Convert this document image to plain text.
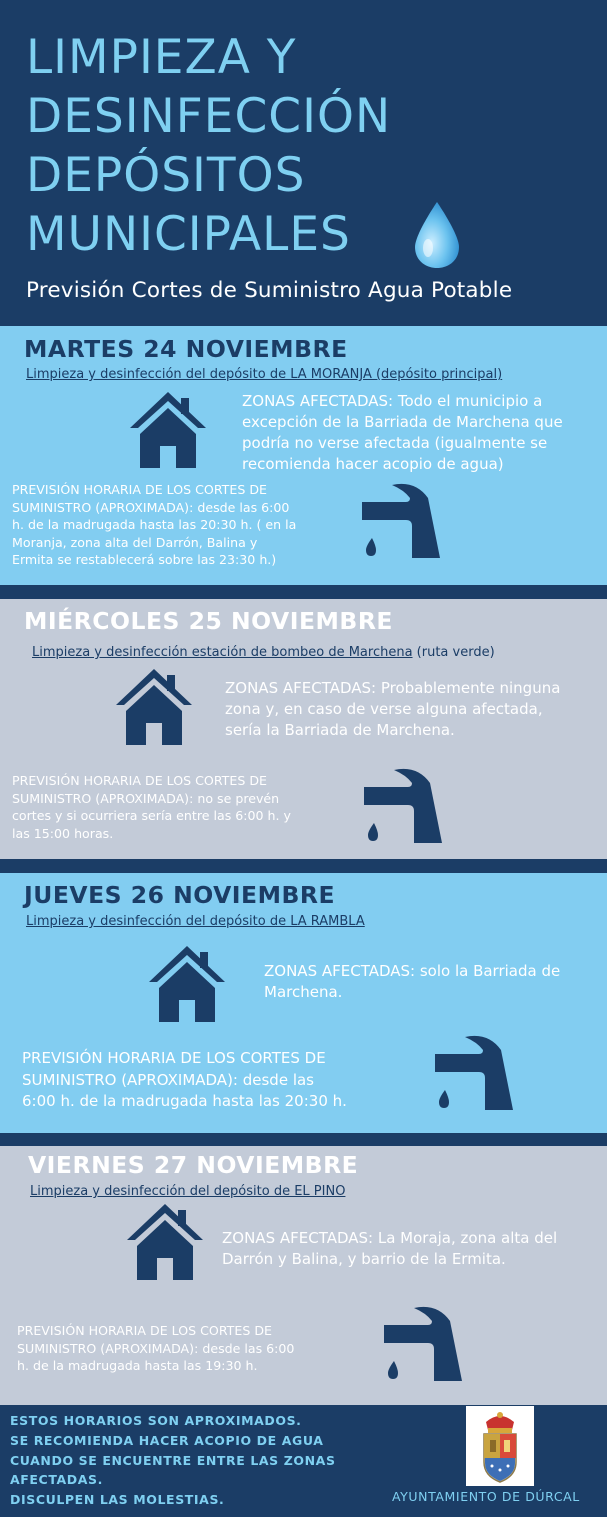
LIMPIEZA Y
DESINFECCIÓN
DEPÓSITOS
MUNICIPALES
Previsión Cortes de Suministro Agua Potable
MARTES 24 NOVIEMBRE
Limpieza y desinfección del depósito de LA MORANJA (depósito principal)
ZONAS AFECTADAS: Todo el municipio a
excepción de la Barriada de Marchena que
podría no verse afectada (igualmente se
recomienda hacer acopio de agua)
PREVISIÓN HORARIA DE LOS CORTES DE
SUMINISTRO (APROXIMADA): desde las 6:00
h. de la madrugada hasta las 20:30 h. ( en la
Moranja, zona alta del Darrón, Balina y
Ermita se restablecerá sobre las 23:30 h.)
MIÉRCOLES 25 NOVIEMBRE
Limpieza y desinfección estación de bombeo de Marchena (ruta verde)
ZONAS AFECTADAS: Probablemente ninguna
zona y, en caso de verse alguna afectada,
sería la Barriada de Marchena.
PREVISIÓN HORARIA DE LOS CORTES DE
SUMINISTRO (APROXIMADA): no se prevén
cortes y si ocurriera sería entre las 6:00 h. y
las 15:00 horas.
JUEVES 26 NOVIEMBRE
Limpieza y desinfección del depósito de LA RAMBLA
ZONAS AFECTADAS: solo la Barriada de
Marchena.
PREVISIÓN HORARIA DE LOS CORTES DE
SUMINISTRO (APROXIMADA): desde las
6:00 h. de la madrugada hasta las 20:30 h.
VIERNES 27 NOVIEMBRE
Limpieza y desinfección del depósito de EL PINO
ZONAS AFECTADAS: La Moraja, zona alta del
Darrón y Balina, y barrio de la Ermita.
PREVISIÓN HORARIA DE LOS CORTES DE
SUMINISTRO (APROXIMADA): desde las 6:00
h. de la madrugada hasta las 19:30 h.
ESTOS HORARIOS SON APROXIMADOS.
SE RECOMIENDA HACER ACOPIO DE AGUA
CUANDO SE ENCUENTRE ENTRE LAS ZONAS
AFECTADAS.
DISCULPEN LAS MOLESTIAS.	AYUNTAMIENTO DE DÚRCAL
